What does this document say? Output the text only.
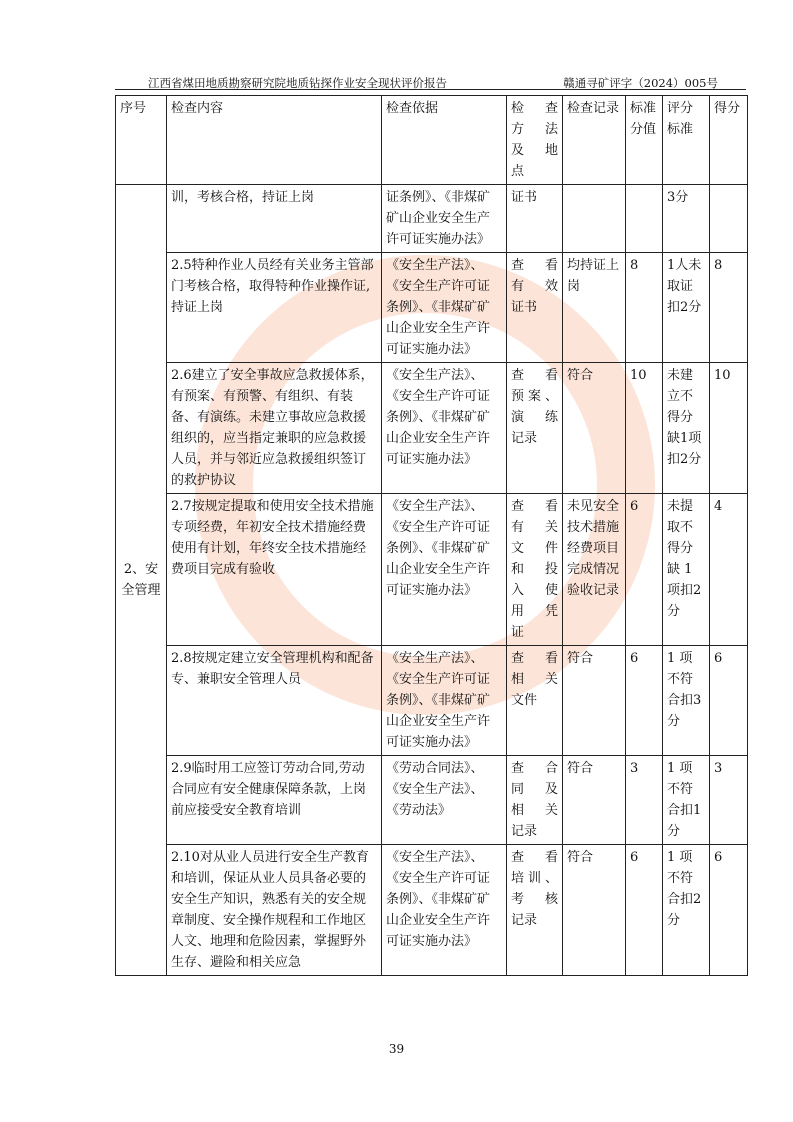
江西省煤田地质勘察研究院地质钻探作业安全现状评价报告	赣通寻矿评字（2024）005号
序号	检查内容	检查依据	检 查 方 法 及 地 点	检查记录	标准分值	评分标准	得分

2、安全管理	训，考核合格，持证上岗	证条例》、《非煤矿矿山企业安全生产许可证实施办法》	证书			3分	
	2.5特种作业人员经有关业务主管部门考核合格，取得特种作业操作证,持证上岗	《安全生产法》、《安全生产许可证条例》、《非煤矿矿山企业安全生产许可证实施办法》	查 看 有 效 证书	均持证上岗	8	1人未取证扣2分	8
	2.6建立了安全事故应急救援体系，有预案、有预警、有组织、有装备、有演练。未建立事故应急救援组织的，应当指定兼职的应急救援人员，并与邻近应急救援组织签订的救护协议	《安全生产法》、《安全生产许可证条例》、《非煤矿矿山企业安全生产许可证实施办法》	查 看 预案、 演 练 记录	符合	10	未建立不得分缺1项扣2分	10
	2.7按规定提取和使用安全技术措施专项经费，年初安全技术措施经费使用有计划，年终安全技术措施经费项目完成有验收	《安全生产法》、《安全生产许可证条例》、《非煤矿矿山企业安全生产许可证实施办法》	查 看 有 关 文 件 和 投 入 使 用 凭 证	未见安全技术措施经费项目完成情况验收记录	6	未提取不得分缺 1 项扣2分	4
	2.8按规定建立安全管理机构和配备专、兼职安全管理人员	《安全生产法》、《安全生产许可证条例》、《非煤矿矿山企业安全生产许可证实施办法》	查 看 相 关 文件	符合	6	1 项不符合扣3分	6
	2.9临时用工应签订劳动合同,劳动合同应有安全健康保障条款，上岗前应接受安全教育培训	《劳动合同法》、《安全生产法》、《劳动法》	查 合 同 及 相 关 记录	符合	3	1 项不符合扣1分	3
	2.10对从业人员进行安全生产教育和培训，保证从业人员具备必要的安全生产知识，熟悉有关的安全规章制度、安全操作规程和工作地区人文、地理和危险因素，掌握野外生存、避险和相关应急	《安全生产法》、《安全生产许可证条例》、《非煤矿矿山企业安全生产许可证实施办法》	查 看 培训、 考 核 记录	符合	6	1 项不符合扣2分	6
39
